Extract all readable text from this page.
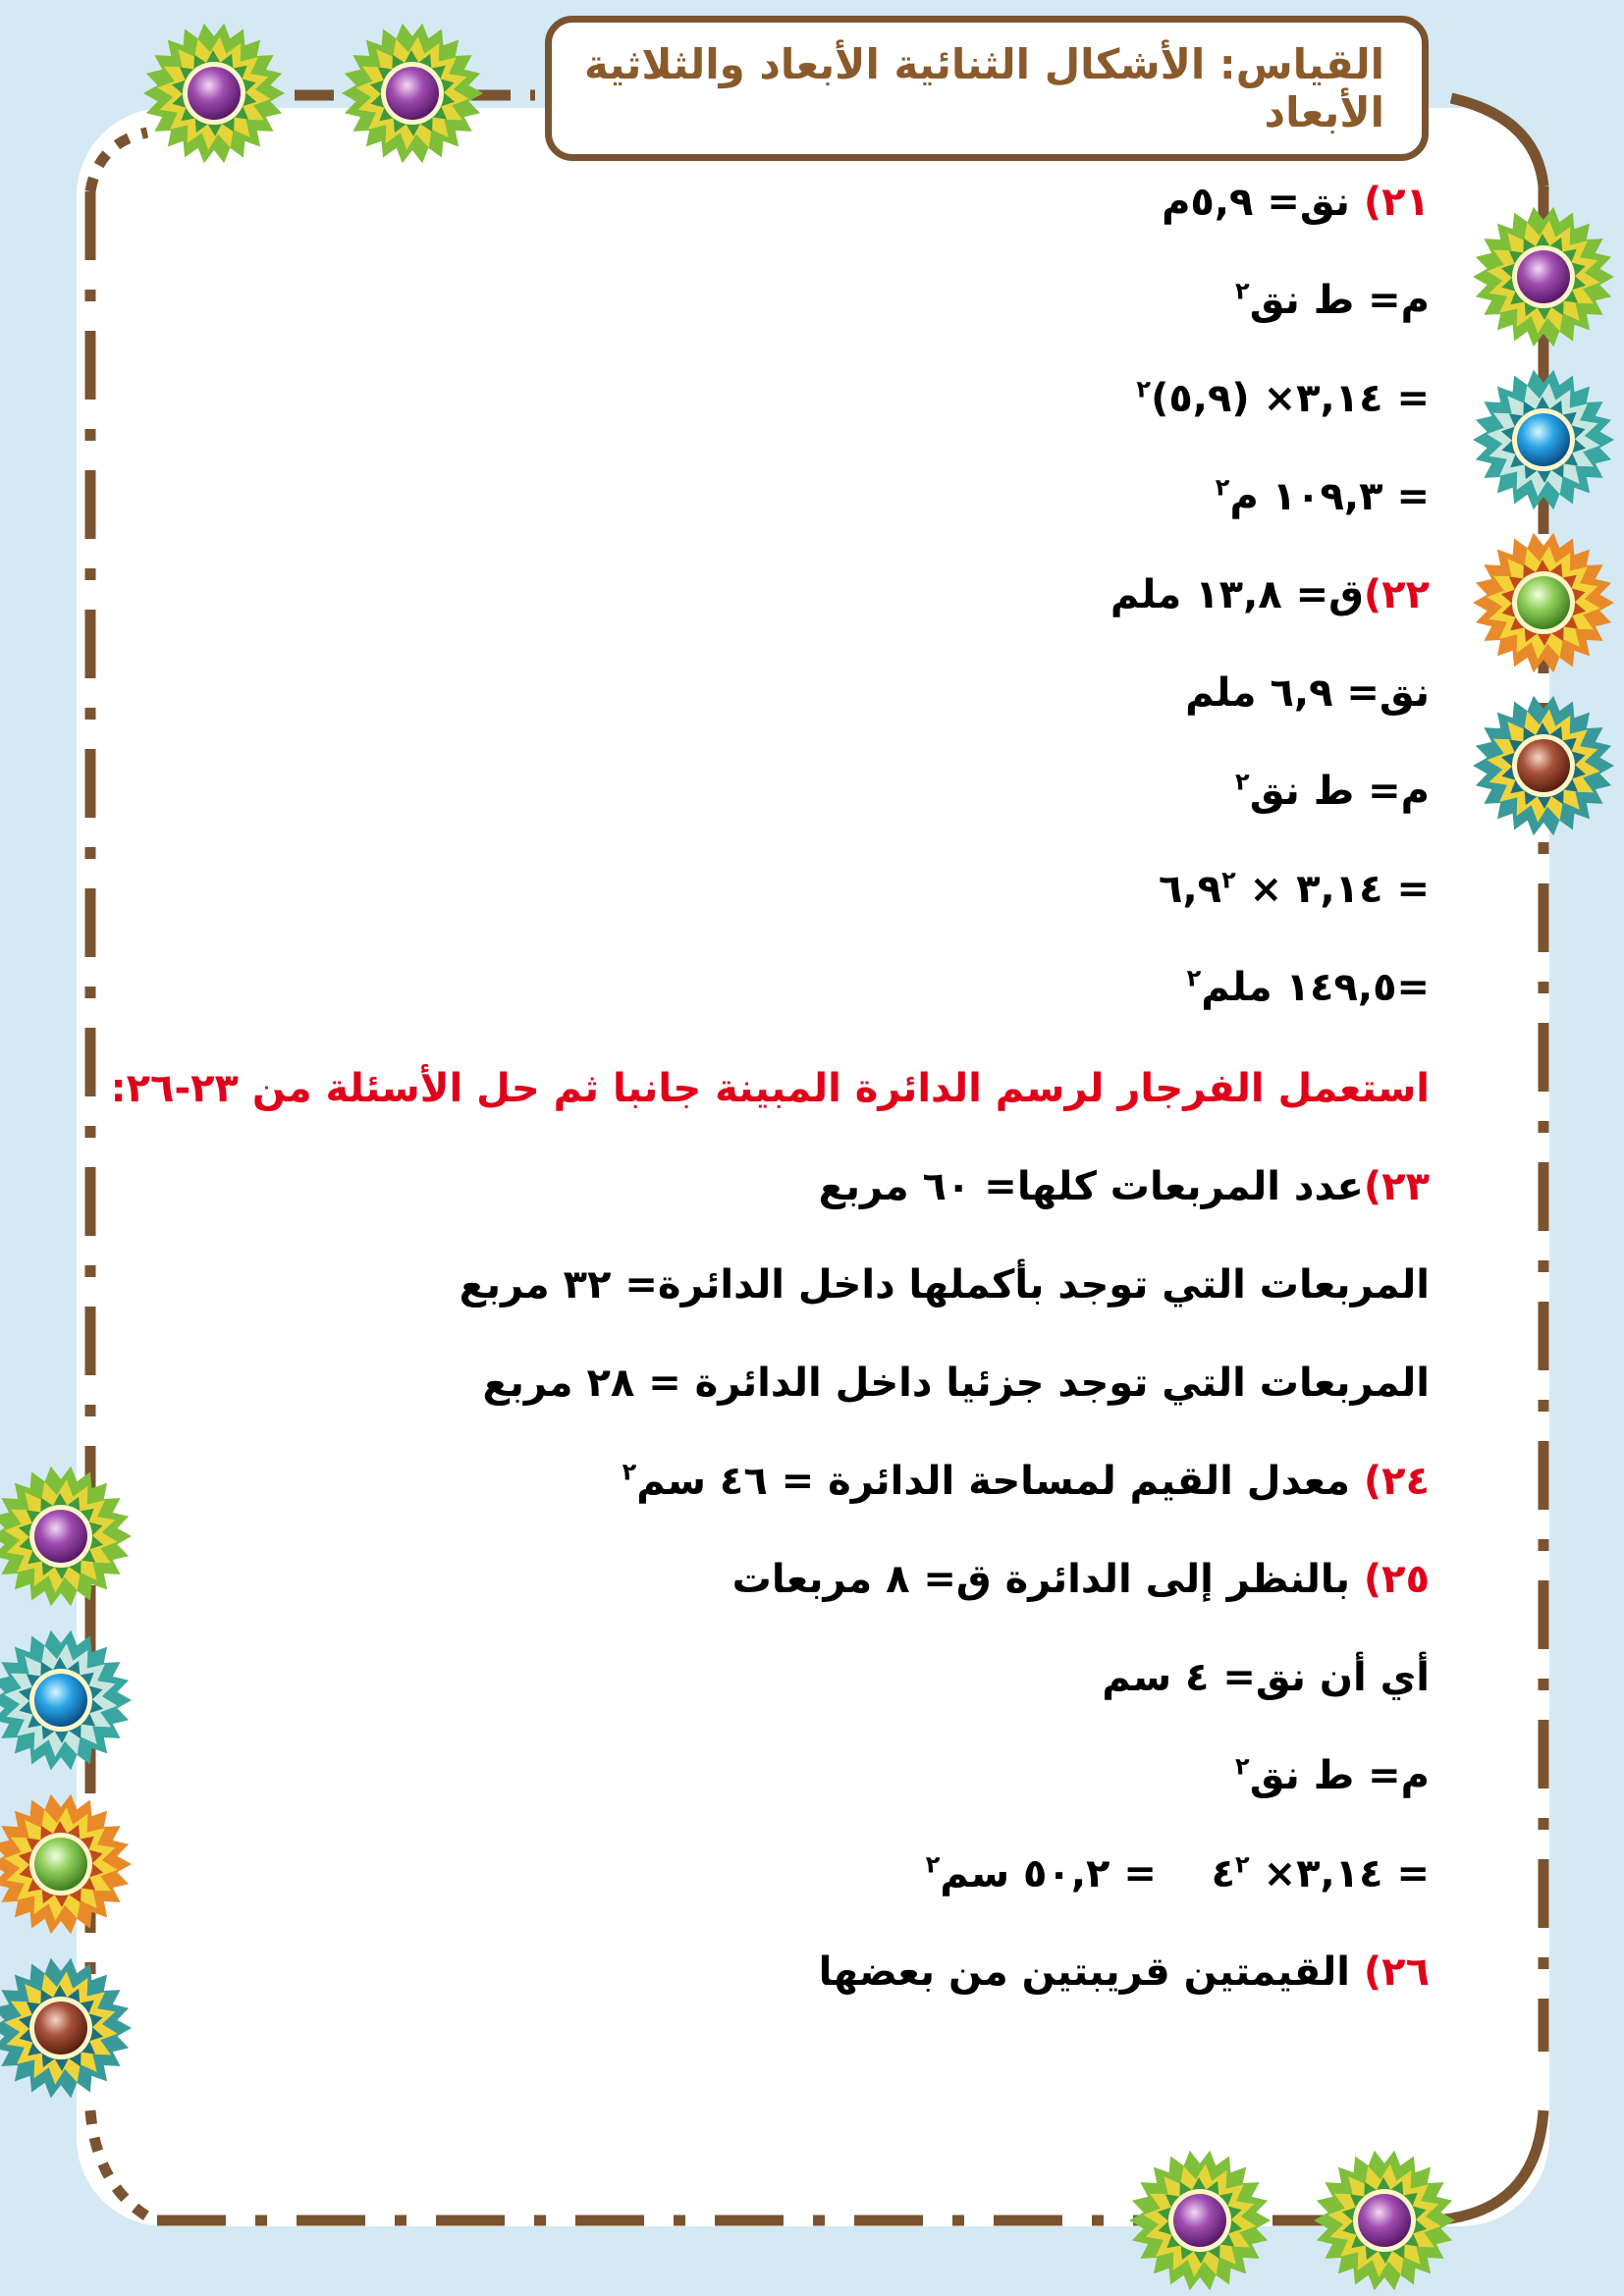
القياس: الأشكال الثنائية الأبعاد والثلاثية الأبعاد
٢١) نق= ٥,٩م
م= ط نق$^٢$
= ٣,١٤× (٥,٩)$^٢$
= ١٠٩,٣ م$^٢$
٢٢)ق= ١٣,٨ ملم
نق= ٦,٩ ملم
م= ط نق$^٢$
= ٣,١٤ × $٦,٩^٢$
=١٤٩,٥ ملم$^٢$
استعمل الفرجار لرسم الدائرة المبينة جانبا ثم حل الأسئلة من ٢٣-٢٦:
٢٣)عدد المربعات كلها= ٦٠ مربع
المربعات التي توجد بأكملها داخل الدائرة= ٣٢ مربع
المربعات التي توجد جزئيا داخل الدائرة = ٢٨ مربع
٢٤) معدل القيم لمساحة الدائرة = ٤٦ سم$^٢$
٢٥) بالنظر إلى الدائرة ق= ٨ مربعات
أي أن نق= ٤ سم
م= ط نق$^٢$
= ٣,١٤× $٤^٢$    = ٥٠,٢ سم$^٢$
٢٦) القيمتين قريبتين من بعضها
